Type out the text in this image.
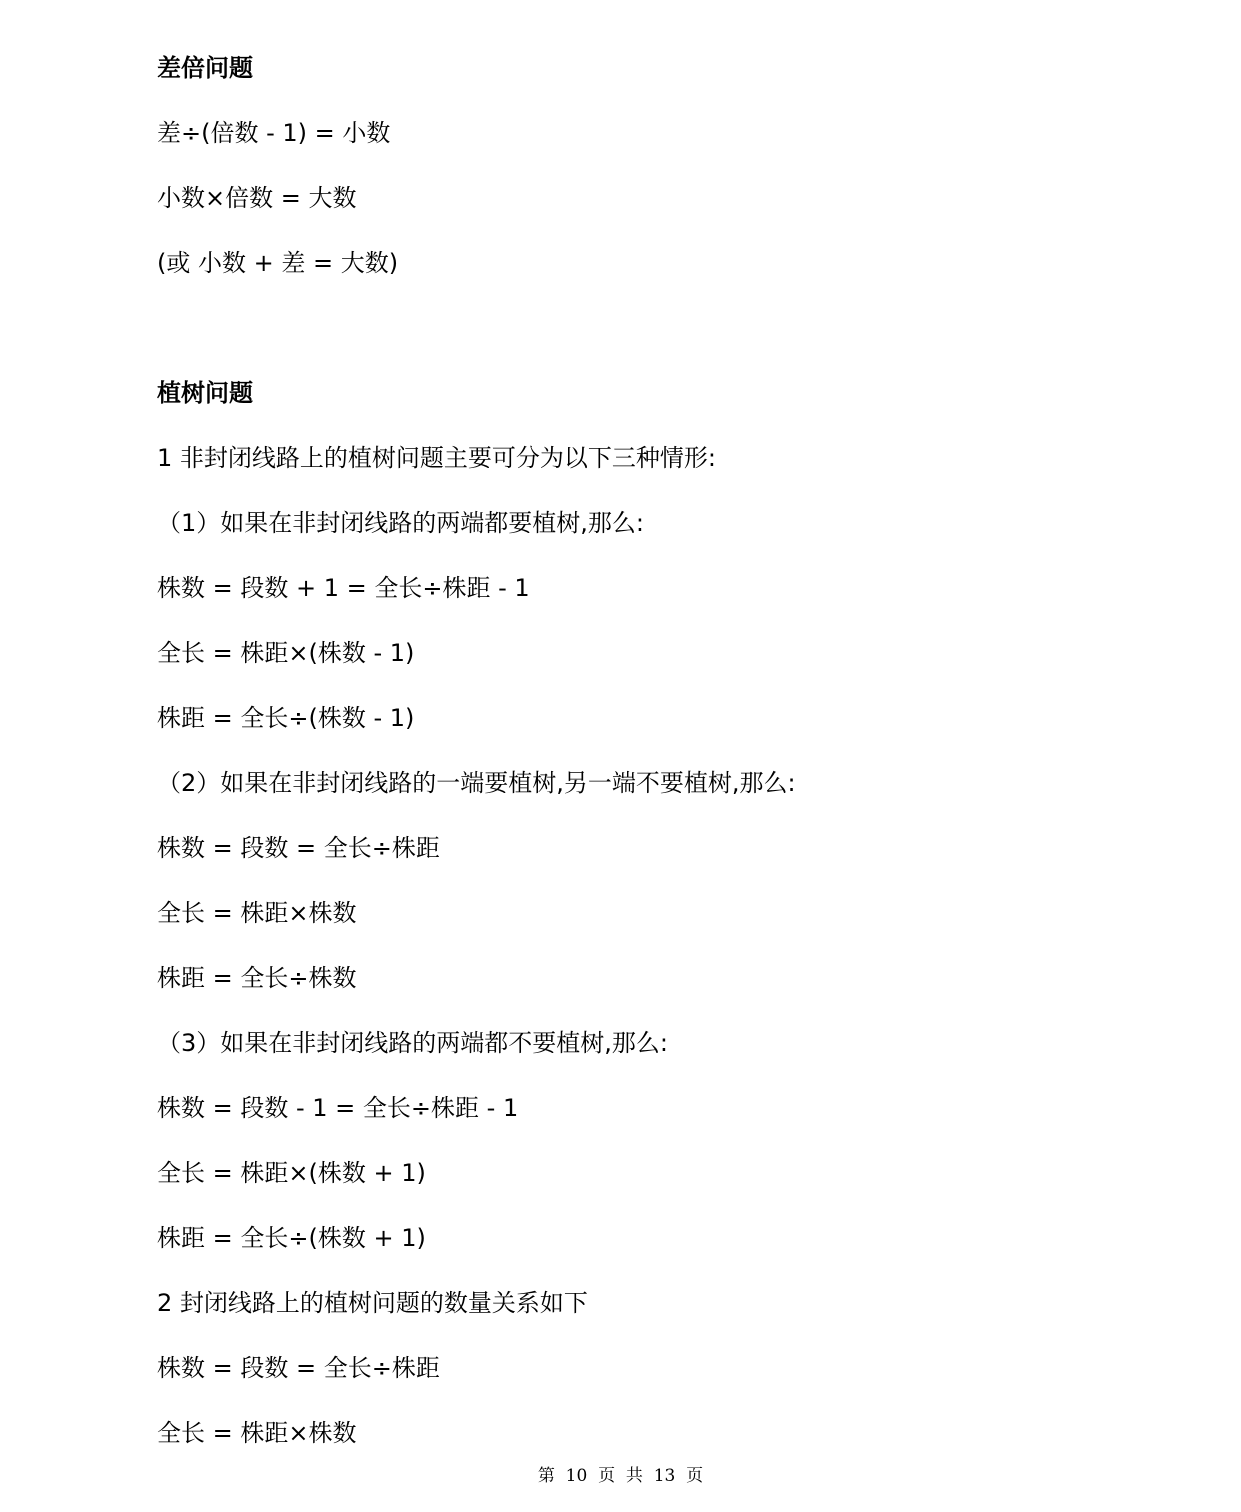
差倍问题
差÷(倍数 - 1) = 小数
小数×倍数 = 大数
(或 小数 + 差 = 大数)
植树问题
1 非封闭线路上的植树问题主要可分为以下三种情形:
（1）如果在非封闭线路的两端都要植树,那么:
株数 = 段数 + 1 = 全长÷株距 - 1
全长 = 株距×(株数 - 1)
株距 = 全长÷(株数 - 1)
（2）如果在非封闭线路的一端要植树,另一端不要植树,那么:
株数 = 段数 = 全长÷株距
全长 = 株距×株数
株距 = 全长÷株数
（3）如果在非封闭线路的两端都不要植树,那么:
株数 = 段数 - 1 = 全长÷株距 - 1
全长 = 株距×(株数 + 1)
株距 = 全长÷(株数 + 1)
2 封闭线路上的植树问题的数量关系如下
株数 = 段数 = 全长÷株距
全长 = 株距×株数
第  10  页  共  13  页
